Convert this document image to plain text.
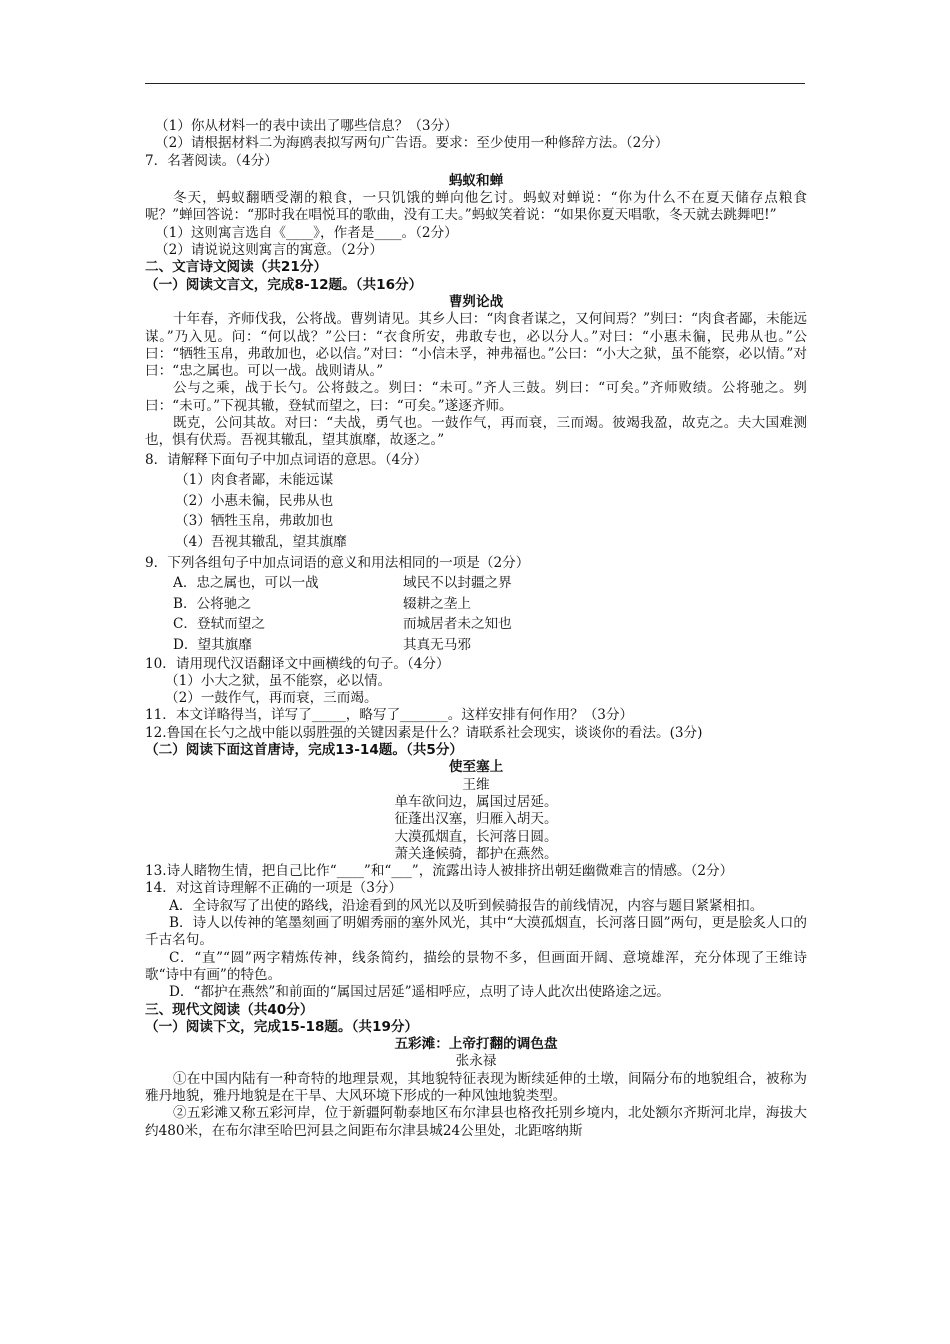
（1）你从材料一的表中读出了哪些信息？（3分）
（2）请根据材料二为海鸥表拟写两句广告语。要求：至少使用一种修辞方法。（2分）
7．名著阅读。（4分）
蚂蚁和蝉
冬天，蚂蚁翻晒受潮的粮食，一只饥饿的蝉向他乞讨。蚂蚁对蝉说：“你为什么不在夏天储存点粮食呢？”蝉回答说：“那时我在唱悦耳的歌曲，没有工夫。”蚂蚁笑着说：“如果你夏天唱歌，冬天就去跳舞吧!”
（1）这则寓言选自《____》，作者是____。（2分）
（2）请说说这则寓言的寓意。（2分）
二、文言诗文阅读（共21分）
（一）阅读文言文，完成8-12题。（共16分）
曹刿论战
十年春，齐师伐我，公将战。曹刿请见。其乡人曰：“肉食者谋之，又何间焉？”刿曰：“肉食者鄙，未能远谋。”乃入见。问：“何以战？”公曰：“衣食所安，弗敢专也，必以分人。”对曰：“小惠未徧，民弗从也。”公曰：“牺牲玉帛，弗敢加也，必以信。”对曰：“小信未孚，神弗福也。”公曰：“小大之狱，虽不能察，必以情。”对曰：“忠之属也。可以一战。战则请从。”
公与之乘，战于长勺。公将鼓之。刿曰：“未可。”齐人三鼓。刿曰：“可矣。”齐师败绩。公将驰之。刿曰：“未可。”下视其辙，登轼而望之，曰：“可矣。”遂逐齐师。
既克，公问其故。对曰：“夫战，勇气也。一鼓作气，再而衰，三而竭。彼竭我盈，故克之。夫大国难测也，惧有伏焉。吾视其辙乱，望其旗靡，故逐之。”
8．请解释下面句子中加点词语的意思。（4分）
（1）肉食者鄙，未能远谋
（2）小惠未徧，民弗从也
（3）牺牲玉帛，弗敢加也
（4）吾视其辙乱，望其旗靡
9．下列各组句子中加点词语的意义和用法相同的一项是（2分）
A．忠之属也，可以一战	域民不以封疆之界
B．公将驰之	辍耕之垄上
C．登轼而望之	而城居者未之知也
D．望其旗靡	其真无马邪
10．请用现代汉语翻译文中画横线的句子。（4分）
（1）小大之狱，虽不能察，必以情。
（2）一鼓作气，再而衰，三而竭。
11．本文详略得当，详写了_____，略写了_______。这样安排有何作用？（3分）
12.鲁国在长勺之战中能以弱胜强的关键因素是什么？请联系社会现实，谈谈你的看法。(3分)
（二）阅读下面这首唐诗，完成13-14题。（共5分）
使至塞上
王维
单车欲问边，属国过居延。
征蓬出汉塞，归雁入胡天。
大漠孤烟直，长河落日圆。
萧关逢候骑，都护在燕然。
13.诗人睹物生情，把自己比作“____”和“___”，流露出诗人被排挤出朝廷幽微难言的情感。（2分）
14．对这首诗理解不正确的一项是（3分）
A．全诗叙写了出使的路线，沿途看到的风光以及听到候骑报告的前线情况，内容与题目紧紧相扣。
B．诗人以传神的笔墨刻画了明媚秀丽的塞外风光，其中“大漠孤烟直，长河落日圆”两句，更是脍炙人口的千古名句。
C．“直”“圆”两字精炼传神，线条简约，描绘的景物不多，但画面开阔、意境雄浑，充分体现了王维诗歌“诗中有画”的特色。
D．“都护在燕然”和前面的“属国过居延”遥相呼应，点明了诗人此次出使路途之远。
三、现代文阅读（共40分）
（一）阅读下文，完成15-18题。（共19分）
五彩滩：上帝打翻的调色盘
张永禄
①在中国内陆有一种奇特的地理景观，其地貌特征表现为断续延伸的土墩，间隔分布的地貌组合，被称为雅丹地貌，雅丹地貌是在干旱、大风环境下形成的一种风蚀地貌类型。
②五彩滩又称五彩河岸，位于新疆阿勒泰地区布尔津县也格孜托别乡境内，北处额尔齐斯河北岸，海拔大约480米，在布尔津至哈巴河县之间距布尔津县城24公里处，北距喀纳斯
